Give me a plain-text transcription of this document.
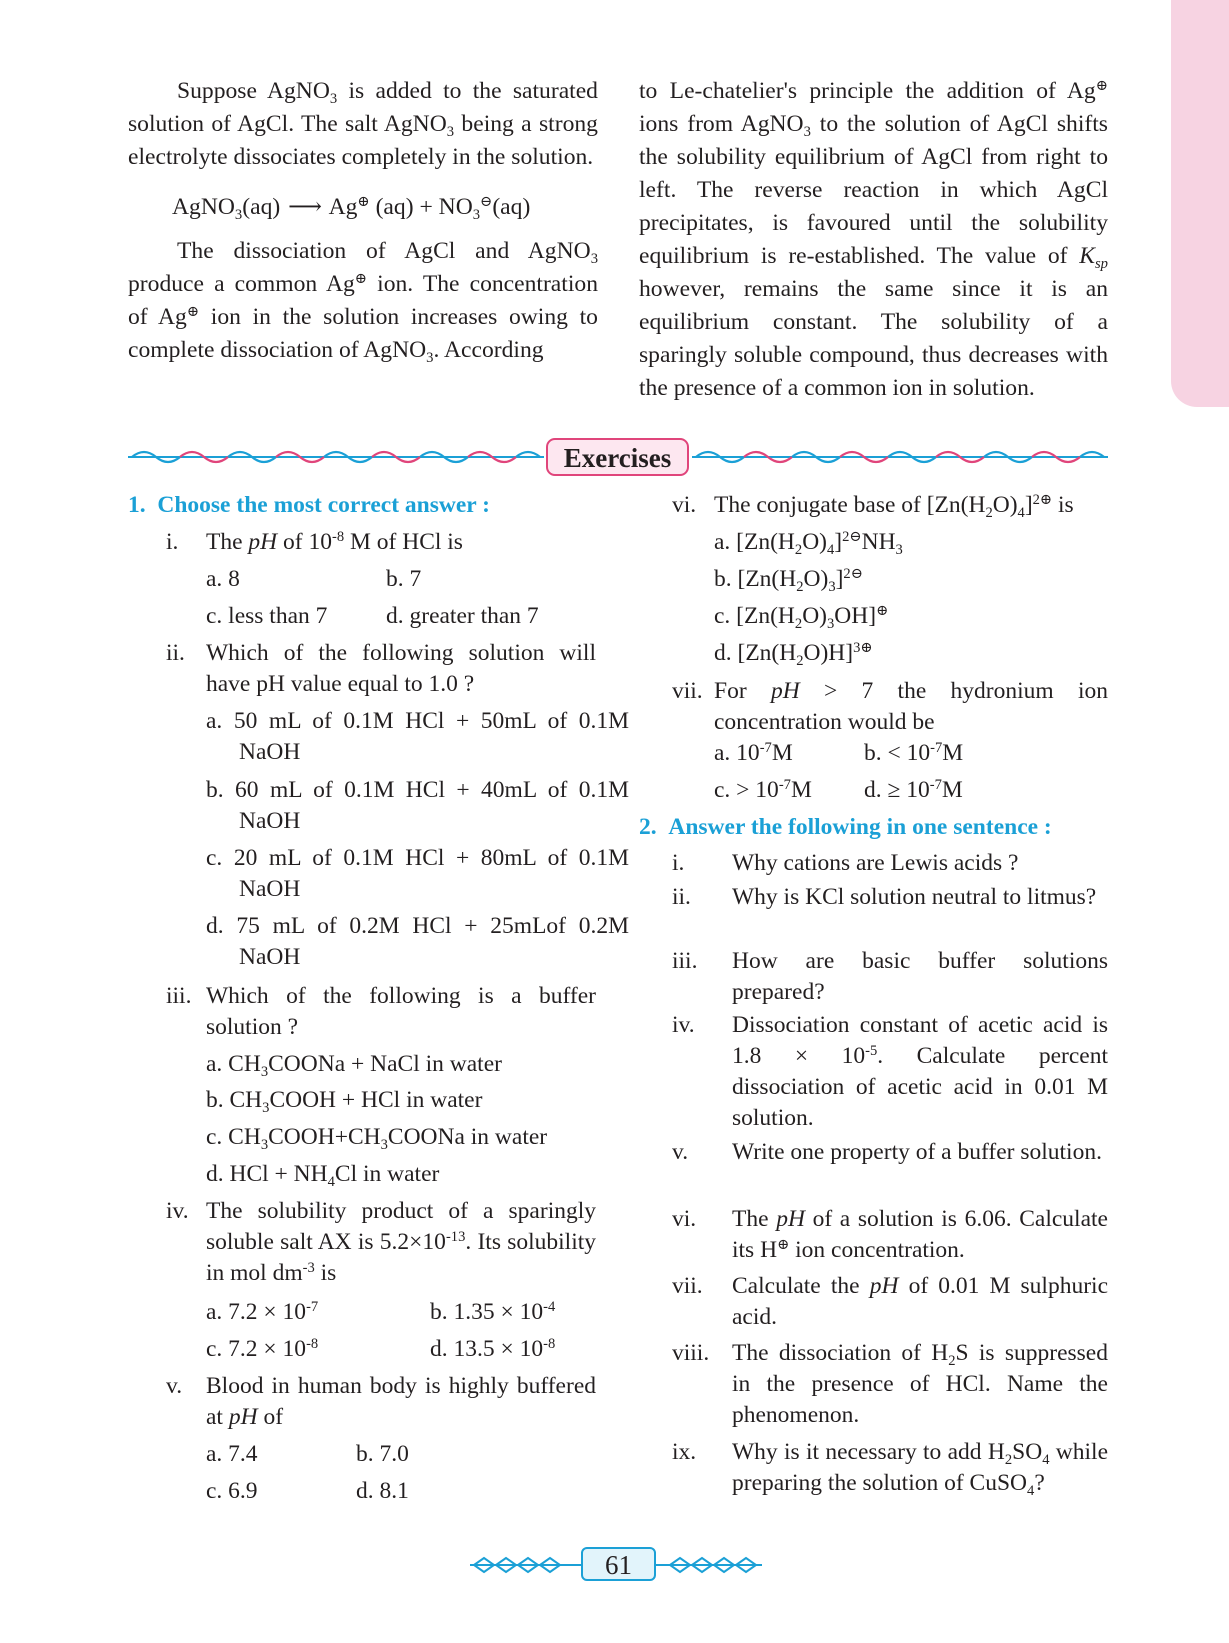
Suppose AgNO$_3$ is added to the saturated solution of AgCl. The salt AgNO$_3$ being a strong electrolyte dissociates completely in the solution.

AgNO$_3$(aq) ⟶ Ag⊕ $(aq) + NO_3^⊖(aq)$

The dissociation of AgCl and AgNO$_3$ produce a common Ag⊕ ion. The concentration of Ag⊕ ion in the solution increases owing to complete dissociation of AgNO$_3$. According

to Le-chatelier's principle the addition of Ag⊕ ions from AgNO$_3$ to the solution of AgCl shifts the solubility equilibrium of AgCl from right to left. The reverse reaction in which AgCl precipitates, is favoured until the solubility equilibrium is re-established. The value of $K_{sp}$ however, remains the same since it is an equilibrium constant. The solubility of a sparingly soluble compound, thus decreases with the presence of a common ion in solution.

Exercises

1. Choose the most correct answer :

i.	The pH of $10^{-8}$ M of HCl is
a. 8	b. 7
c. less than 7 d. greater than 7
ii. Which of the following solution will have pH value equal to 1.0 ?
a. 50 mL of 0.1M HCl + 50mL of 0.1M NaOH
b. 60 mL of 0.1M HCl + 40mL of 0.1M NaOH
c. 20 mL of 0.1M HCl + 80mL of 0.1M NaOH
d. 75 mL of 0.2M HCl + 25mLof 0.2M NaOH
iii. Which of the following is a buffer solution ?
a. $CH_3COONa$ + NaCl in water
b. $CH_3COOH$ + HCl in water
c. $CH_3COOH+CH_3COONa$ in water
d. HCl + $NH_4Cl$ in water
iv. The solubility product of a sparingly soluble salt AX is $5.2\times 10^{-13}$. Its solubility in mol $dm^{-3}$ is
a. $7.2 \times 10^{-7}$	b. $1.35 \times 10^{-4}$
c. $7.2 \times 10^{-8}$	d. $13.5 \times 10^{-8}$
v.	Blood in human body is highly buffered at pH of
a. 7.4	b. 7.0
c. 6.9	d. 8.1
vi. The conjugate base of $[Zn(H_2O)_4]^{2\oplus}$ is
a. $[Zn(H_2O)_4]^{2⊖}NH_3$
b. $[Zn(H_2O)_3]^{2⊖}$
c. $[Zn(H_2O)_3OH]^\oplus$
d. $[Zn(H_2O)H]^{3\oplus}$
vii. For pH > 7 the hydronium ion concentration would be
a. $10^{-7}M$	b. < $10^{-7}M$
c. > $10^{-7}M$ d. ≥ $10^{-7}M$

2. Answer the following in one sentence :

i.	Why cations are Lewis acids ?
ii.	Why is KCl solution neutral to litmus?
iii.	How are basic buffer solutions prepared?
iv.	Dissociation constant of acetic acid is $1.8 \times 10^{-5}$. Calculate percent dissociation of acetic acid in 0.01 M solution.
v.	Write one property of a buffer solution.
vi.	The pH of a solution is 6.06. Calculate its H⊕ ion concentration.
vii.	Calculate the pH of 0.01 M sulphuric acid.
viii. The dissociation of $H_2S$ is suppressed in the presence of HCl. Name the phenomenon.
ix.	Why is it necessary to add $H_2SO_4$ while preparing the solution of CuSO$_4$?
61
